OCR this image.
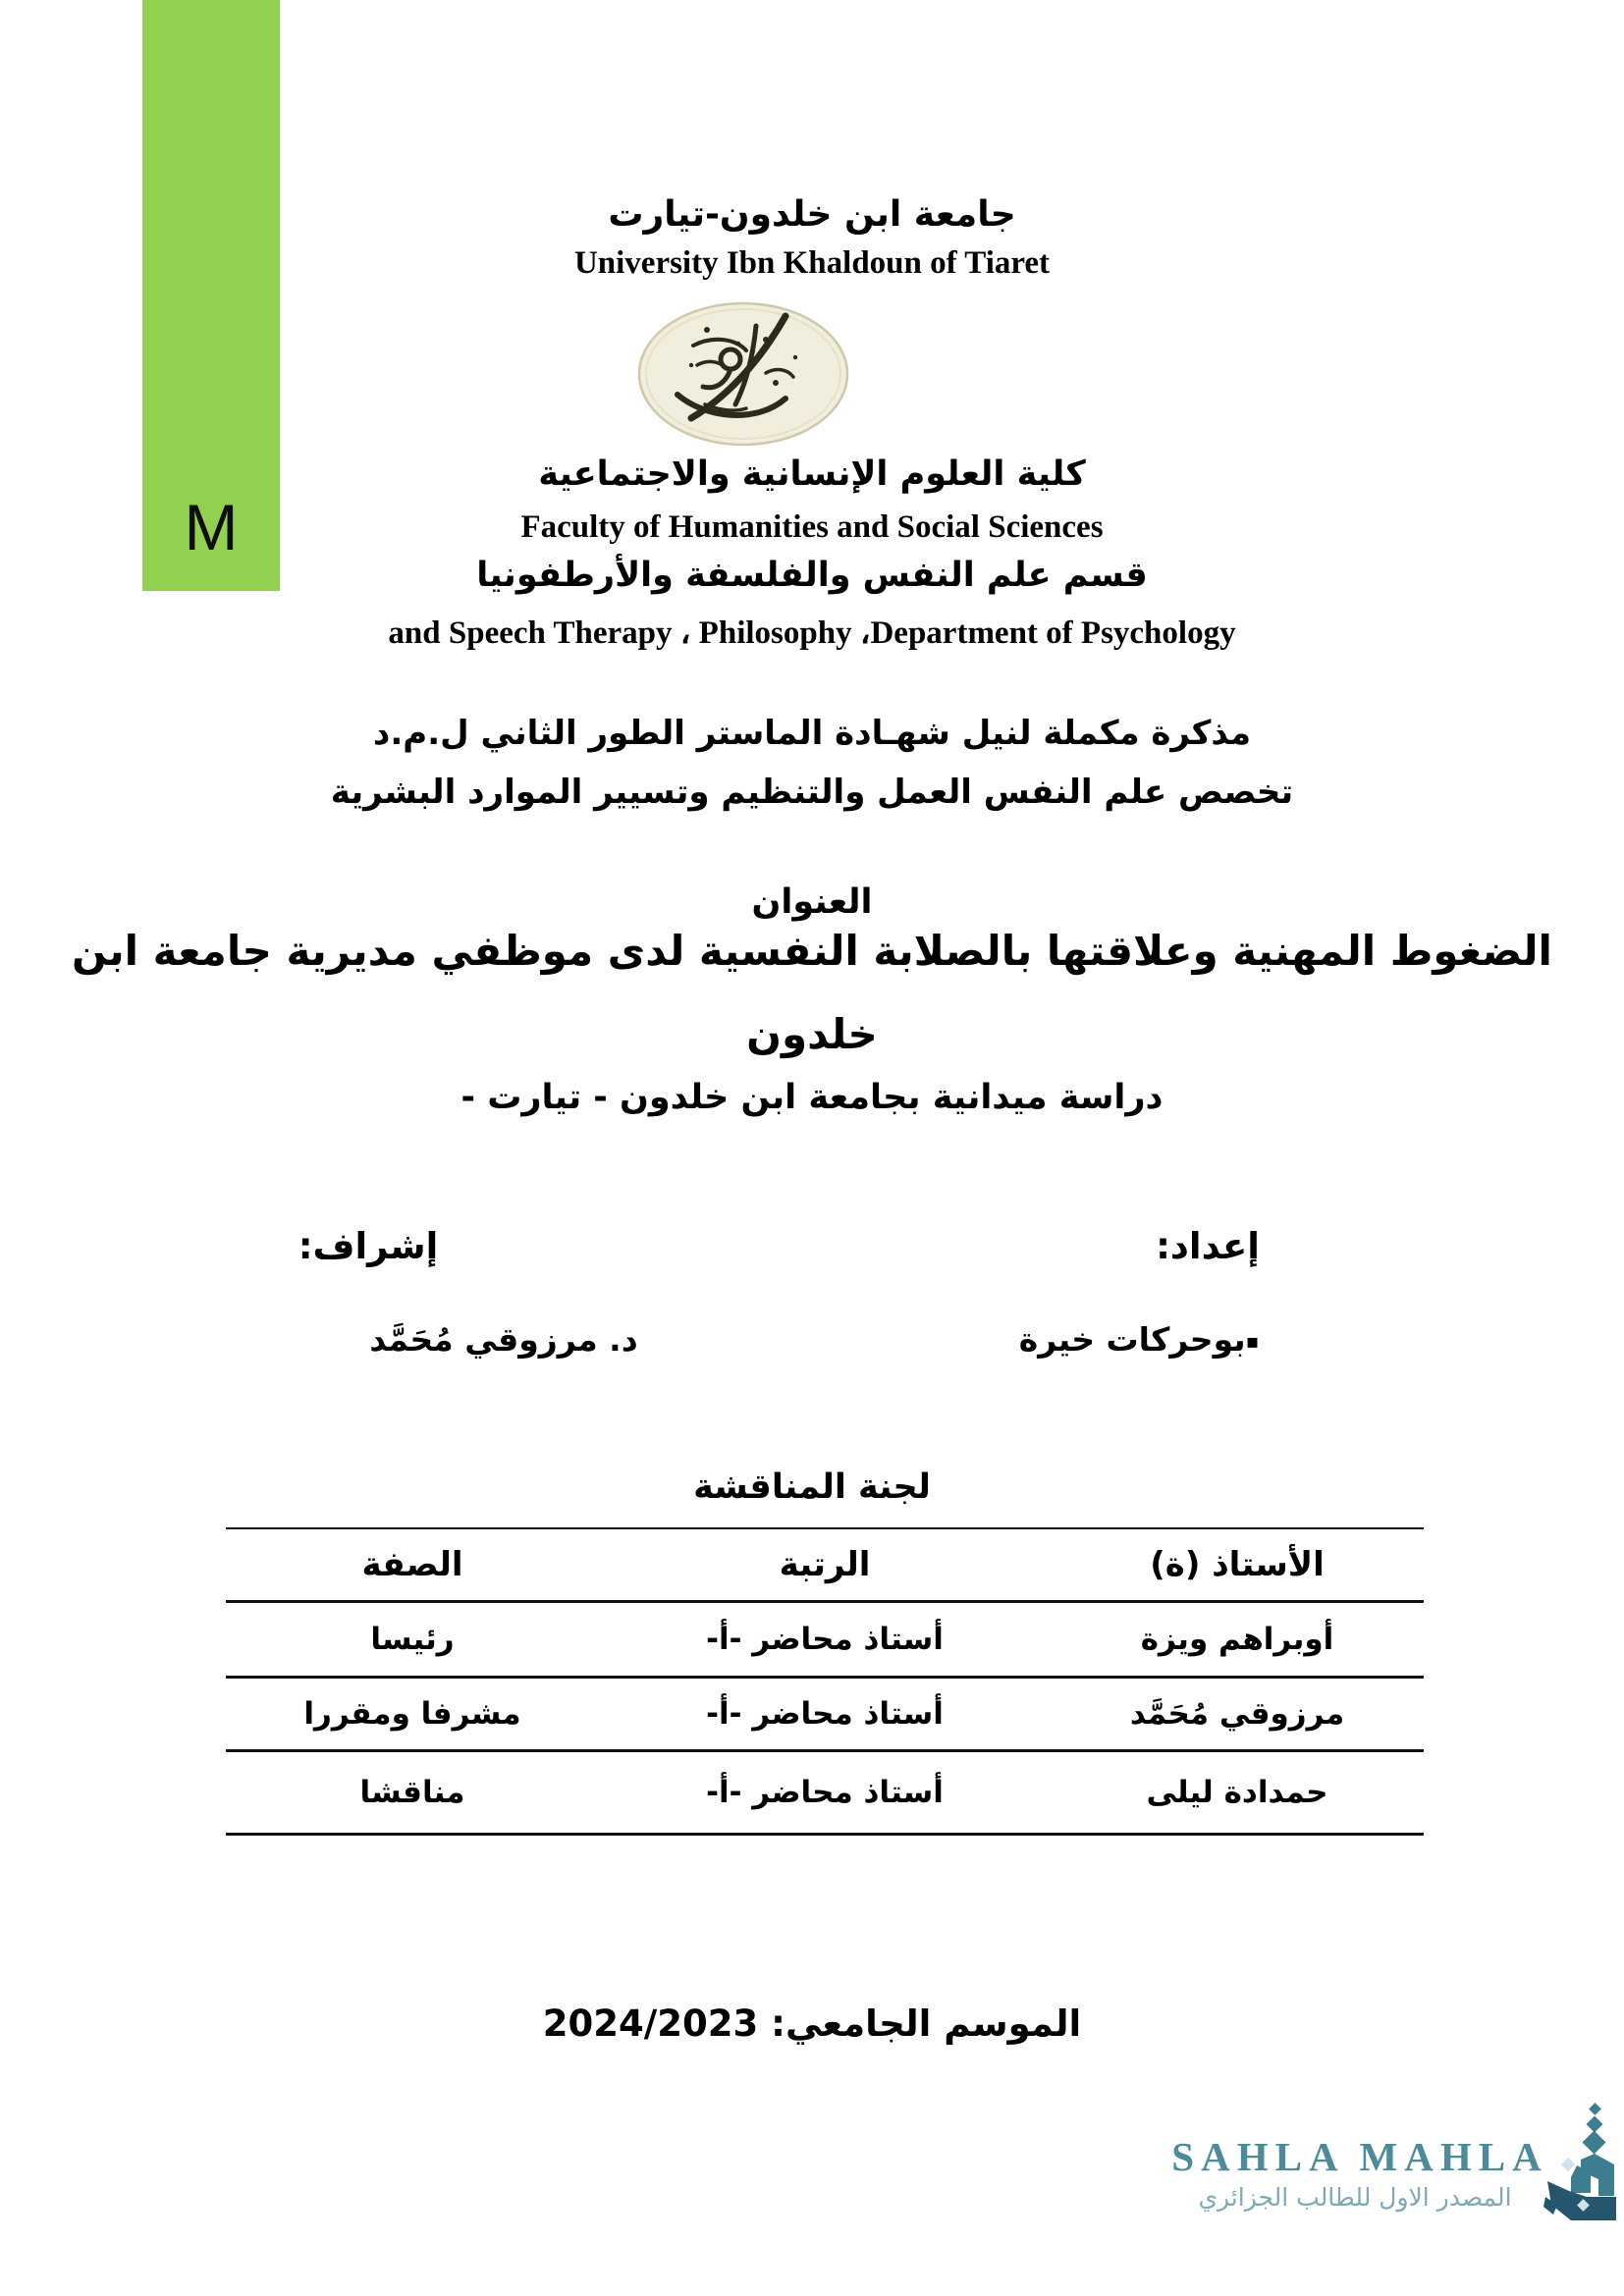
M
جامعة ابن خلدون-تيارت
University Ibn Khaldoun of Tiaret
كلية العلوم الإنسانية والاجتماعية
Faculty of Humanities and Social Sciences
قسم علم النفس والفلسفة والأرطفونيا
and Speech Therapy ، Philosophy ،Department of Psychology
مذكرة مكملة لنيل شهـادة الماستر الطور الثاني ل.م.د
تخصص علم النفس العمل والتنظيم وتسيير الموارد البشرية
العنوان
الضغوط المهنية وعلاقتها بالصلابة النفسية لدى موظفي مديرية جامعة ابن
خلدون
دراسة ميدانية بجامعة ابن خلدون - تيارت -
إعداد:
إشراف:
▪بوحركات خيرة
د. مرزوقي مُحَمَّد
لجنة المناقشة
الأستاذ (ة)	الرتبة	الصفة
أوبراهم ويزة	أستاذ محاضر -أ-	رئيسا
مرزوقي مُحَمَّد	أستاذ محاضر -أ-	مشرفا ومقررا
حمدادة ليلى	أستاذ محاضر -أ-	مناقشا
الموسم الجامعي: 2024/2023
SAHLA MAHLA
المصدر الاول للطالب الجزائري
